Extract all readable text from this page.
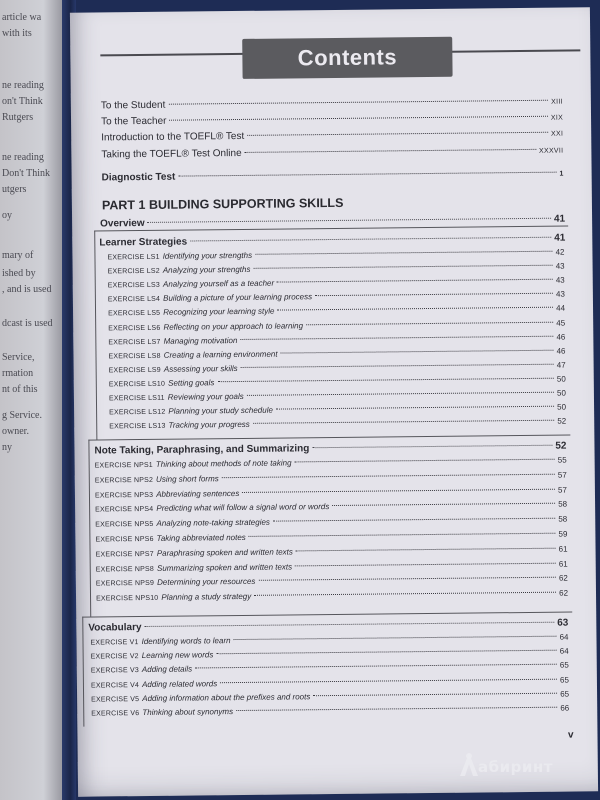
article wa
with its
ne reading
on't Think
Rutgers
ne reading
Don't Think
utgers
oy
mary of
ished by
, and is used
dcast is used
Service,
rmation
nt of this
g Service.
owner.
ny
Contents
To the Student	XIII
To the Teacher	XIX
Introduction to the TOEFL® Test	XXI
Taking the TOEFL® Test Online	XXXVII
Diagnostic Test	1
PART 1 BUILDING SUPPORTING SKILLS
Overview	41
Learner Strategies	41
EXERCISE LS1 Identifying your strengths	42
EXERCISE LS2 Analyzing your strengths	43
EXERCISE LS3 Analyzing yourself as a teacher	43
EXERCISE LS4 Building a picture of your learning process	43
EXERCISE LS5 Recognizing your learning style	44
EXERCISE LS6 Reflecting on your approach to learning	45
EXERCISE LS7 Managing motivation	46
EXERCISE LS8 Creating a learning environment	46
EXERCISE LS9 Assessing your skills	47
EXERCISE LS10 Setting goals	50
EXERCISE LS11 Reviewing your goals	50
EXERCISE LS12 Planning your study schedule	50
EXERCISE LS13 Tracking your progress	52
Note Taking, Paraphrasing, and Summarizing	52
EXERCISE NPS1 Thinking about methods of note taking	55
EXERCISE NPS2 Using short forms	57
EXERCISE NPS3 Abbreviating sentences	57
EXERCISE NPS4 Predicting what will follow a signal word or words	58
EXERCISE NPS5 Analyzing note-taking strategies	58
EXERCISE NPS6 Taking abbreviated notes	59
EXERCISE NPS7 Paraphrasing spoken and written texts	61
EXERCISE NPS8 Summarizing spoken and written texts	61
EXERCISE NPS9 Determining your resources	62
EXERCISE NPS10 Planning a study strategy	62
Vocabulary	63
EXERCISE V1 Identifying words to learn	64
EXERCISE V2 Learning new words	64
EXERCISE V3 Adding details	65
EXERCISE V4 Adding related words	65
EXERCISE V5 Adding information about the prefixes and roots	65
EXERCISE V6 Thinking about synonyms	66
v
абиринт
